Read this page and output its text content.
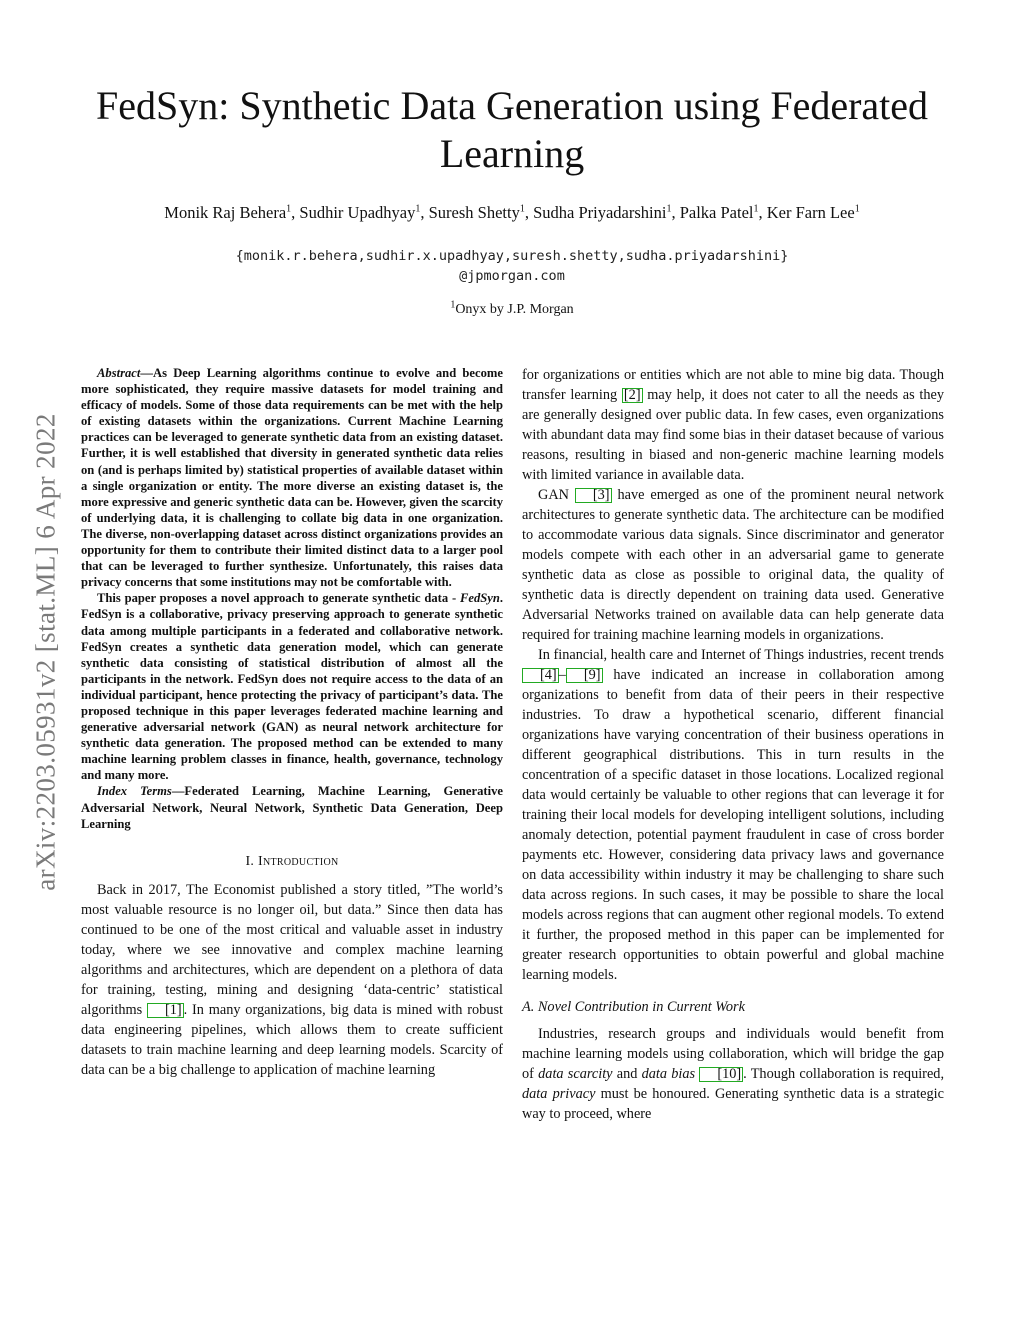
FedSyn: Synthetic Data Generation using Federated Learning
Monik Raj Behera$^1$, Sudhir Upadhyay$^1$, Suresh Shetty$^1$, Sudha Priyadarshini$^1$, Palka Patel$^1$, Ker Farn Lee$^1$
{monik.r.behera,sudhir.x.upadhyay,suresh.shetty,sudha.priyadarshini}
@jpmorgan.com
$^1$Onyx by J.P. Morgan
arXiv:2203.05931v2 [stat.ML] 6 Apr 2022

Abstract—As Deep Learning algorithms continue to evolve and become more sophisticated, they require massive datasets for model training and efficacy of models. Some of those data requirements can be met with the help of existing datasets within the organizations. Current Machine Learning practices can be leveraged to generate synthetic data from an existing dataset. Further, it is well established that diversity in generated synthetic data relies on (and is perhaps limited by) statistical properties of available dataset within a single organization or entity. The more diverse an existing dataset is, the more expressive and generic synthetic data can be. However, given the scarcity of underlying data, it is challenging to collate big data in one organization. The diverse, non-overlapping dataset across distinct organizations provides an opportunity for them to contribute their limited distinct data to a larger pool that can be leveraged to further synthesize. Unfortunately, this raises data privacy concerns that some institutions may not be comfortable with.

This paper proposes a novel approach to generate synthetic data - FedSyn. FedSyn is a collaborative, privacy preserving approach to generate synthetic data among multiple participants in a federated and collaborative network. FedSyn creates a synthetic data generation model, which can generate synthetic data consisting of statistical distribution of almost all the participants in the network. FedSyn does not require access to the data of an individual participant, hence protecting the privacy of participant’s data. The proposed technique in this paper leverages federated machine learning and generative adversarial network (GAN) as neural network architecture for synthetic data generation. The proposed method can be extended to many machine learning problem classes in finance, health, governance, technology and many more.

Index Terms—Federated Learning, Machine Learning, Generative Adversarial Network, Neural Network, Synthetic Data Generation, Deep Learning

I. Introduction

Back in 2017, The Economist published a story titled, ”The world’s most valuable resource is no longer oil, but data.” Since then data has continued to be one of the most critical and valuable asset in industry today, where we see innovative and complex machine learning algorithms and architectures, which are dependent on a plethora of data for training, testing, mining and designing ‘data-centric’ statistical algorithms [1] . In many organizations, big data is mined with robust data engineering pipelines, which allows them to create sufficient datasets to train machine learning and deep learning models. Scarcity of data can be a big challenge to application of machine learning

for organizations or entities which are not able to mine big data. Though transfer learning [2] may help, it does not cater to all the needs as they are generally designed over public data. In few cases, even organizations with abundant data may find some bias in their dataset because of various reasons, resulting in biased and non-generic machine learning models with limited variance in available data.

GAN [3] have emerged as one of the prominent neural network architectures to generate synthetic data. The architecture can be modified to accommodate various data signals. Since discriminator and generator models compete with each other in an adversarial game to generate synthetic data as close as possible to original data, the quality of synthetic data is directly dependent on training data used. Generative Adversarial Networks trained on available data can help generate data required for training machine learning models in organizations.

In financial, health care and Internet of Things industries, recent trends [4] – [9] have indicated an increase in collaboration among organizations to benefit from data of their peers in their respective industries. To draw a hypothetical scenario, different financial organizations have varying concentration of their business operations in different geographical distributions. This in turn results in the concentration of a specific dataset in those locations. Localized regional data would certainly be valuable to other regions that can leverage it for training their local models for developing intelligent solutions, including anomaly detection, potential payment fraudulent in case of cross border payments etc. However, considering data privacy laws and governance on data accessibility within industry it may be challenging to share such data across regions. In such cases, it may be possible to share the local models across regions that can augment other regional models. To extend it further, the proposed method in this paper can be implemented for greater research opportunities to obtain powerful and global machine learning models.

A. Novel Contribution in Current Work

Industries, research groups and individuals would benefit from machine learning models using collaboration, which will bridge the gap of data scarcity and data bias [10] . Though collaboration is required, data privacy must be honoured. Generating synthetic data is a strategic way to proceed, where
